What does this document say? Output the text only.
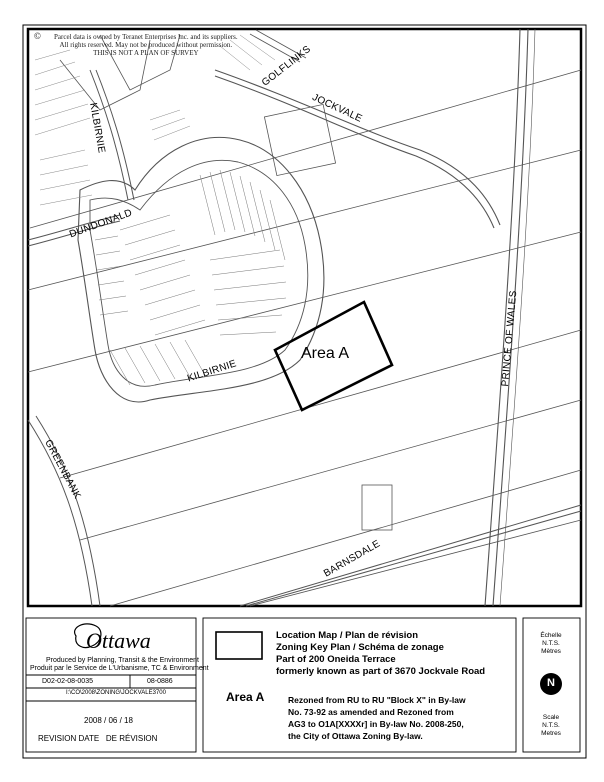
© Parcel data is owned by Teranet Enterprises Inc. and its suppliers.
All rights reserved. May not be produced without permission.
THIS IS NOT A PLAN OF SURVEY	GOLFLINKS
JOCKVALE
KILBIRNIE
DUNDONALD
KILBIRNIE	PRINCE OF WALES
GREENBANK
BARNSDALE
Area A
Ottawa
Produced by Planning, Transit & the Environment
Produit par le Service de L'Urbanisme, TC & Environment
D02-02-08-0035	08-0886
I:\CO\2008\ZONING\JOCKVALE3700
2008 / 06 / 18
REVISION DATE   DE RÉVISION
Location Map / Plan de révision
Zoning Key Plan / Schéma de zonage
Part of 200 Oneida Terrace
formerly known as part of 3670 Jockvale Road
Area A	Rezoned from RU to RU "Block X" in By-law
No. 73-92 as amended and Rezoned from
AG3 to O1A[XXXXr] in By-law No. 2008-250,
the City of Ottawa Zoning By-law.
Échelle
N.T.S.
Mètres
N
Scale
N.T.S.
Metres
